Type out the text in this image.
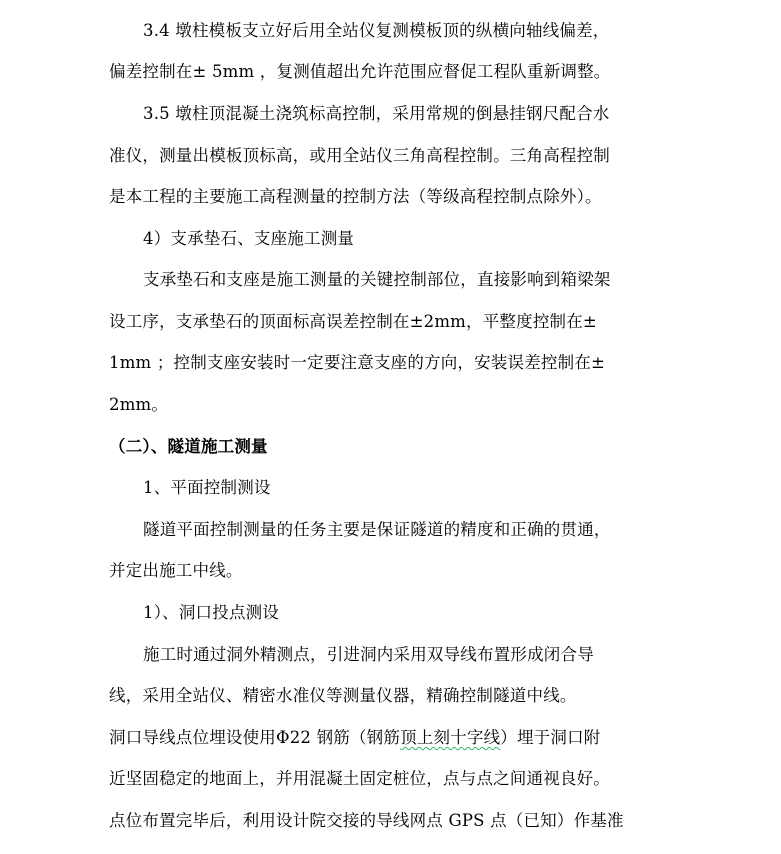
3.4 墩柱模板支立好后用全站仪复测模板顶的纵横向轴线偏差，
偏差控制在± 5mm ，复测值超出允许范围应督促工程队重新调整。
3.5 墩柱顶混凝土浇筑标高控制，采用常规的倒悬挂钢尺配合水
准仪，测量出模板顶标高，或用全站仪三角高程控制。三角高程控制
是本工程的主要施工高程测量的控制方法（等级高程控制点除外）。
4）支承垫石、支座施工测量
支承垫石和支座是施工测量的关键控制部位，直接影响到箱梁架
设工序，支承垫石的顶面标高误差控制在±2mm，平整度控制在±
1mm ；控制支座安装时一定要注意支座的方向，安装误差控制在±
2mm。
（二）、隧道施工测量
1、平面控制测设
隧道平面控制测量的任务主要是保证隧道的精度和正确的贯通，
并定出施工中线。
1）、洞口投点测设
施工时通过洞外精测点，引进洞内采用双导线布置形成闭合导
线，采用全站仪、精密水准仪等测量仪器，精确控制隧道中线。
洞口导线点位埋设使用Φ22 钢筋（钢筋顶上刻十字线）埋于洞口附
近坚固稳定的地面上，并用混凝土固定桩位，点与点之间通视良好。
点位布置完毕后，利用设计院交接的导线网点 GPS 点（已知）作基准
